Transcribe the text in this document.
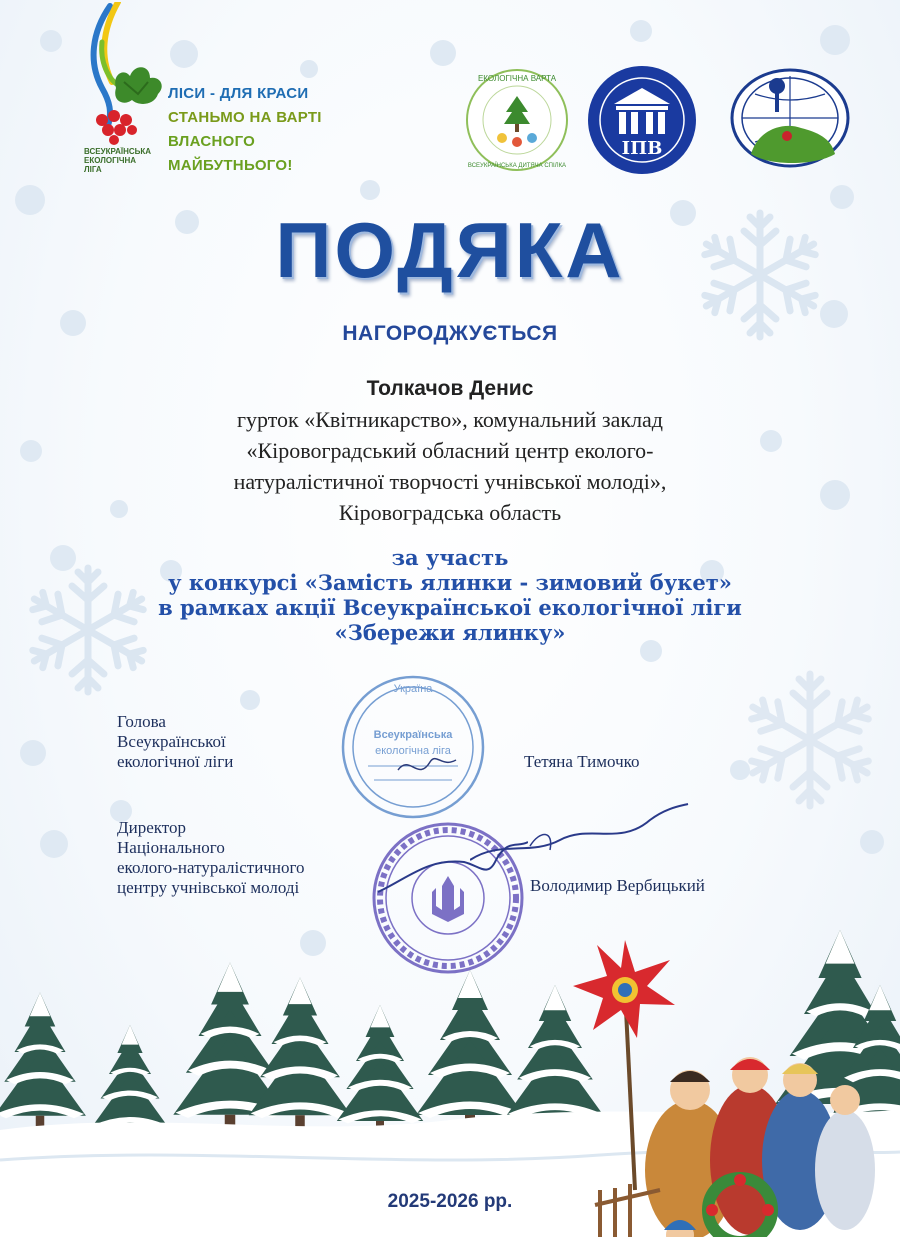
ВСЕУКРАЇНСЬКА
ЕКОЛОГІЧНА
ЛІГА
ЛІСИ - ДЛЯ КРАСИ
СТАНЬМО НА ВАРТІ
ВЛАСНОГО МАЙБУТНЬОГО!
ЕКОЛОГІЧНА ВАРТА
ВСЕУКРАЇНСЬКА ДИТЯЧА СПІЛКА
ІПВ
ПОДЯКА
НАГОРОДЖУЄТЬСЯ
Толкачов Денис
гурток «Квітникарство», комунальний заклад
«Кіровоградський обласний центр еколого-
натуралістичної творчості учнівської молоді»,
Кіровоградська область
за участь
у конкурсі «Замість ялинки - зимовий букет»
в рамках акції Всеукраїнської екологічної ліги
«Збережи ялинку»
Україна
Всеукраїнська
екологічна ліга
Голова
Всеукраїнської
екологічної ліги	Тетяна Тимочко
Директор
Національного
еколого-натуралістичного
центру учнівської молоді	Володимир Вербицький
2025-2026 рр.
